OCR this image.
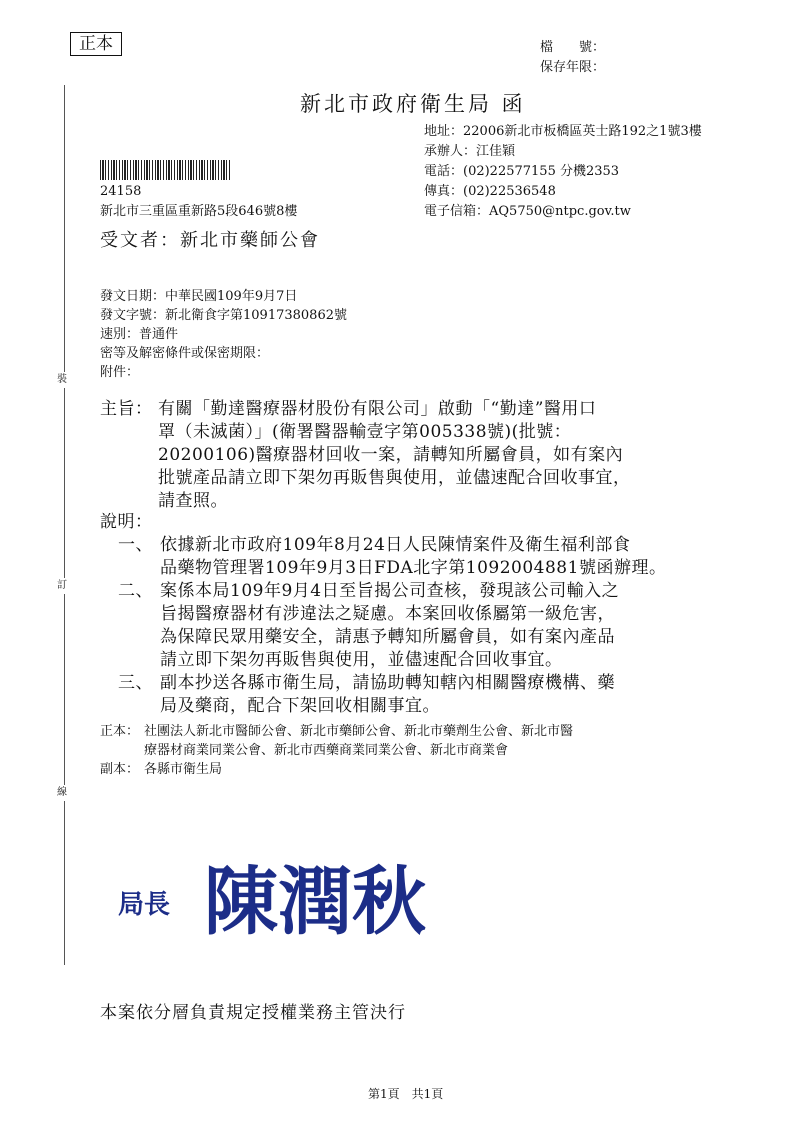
正本
裝
訂
線
檔　　號：
保存年限：
新北市政府衛生局 函
地址：22006新北市板橋區英士路192之1號3樓
承辦人：江佳穎
電話：(02)22577155 分機2353
傳真：(02)22536548
電子信箱：AQ5750@ntpc.gov.tw
24158
新北市三重區重新路5段646號8樓
受文者：新北市藥師公會
發文日期：中華民國109年9月7日
發文字號：新北衛食字第10917380862號
速別：普通件
密等及解密條件或保密期限：
附件：
主旨： 有關「勤達醫療器材股份有限公司」啟動「“勤達”醫用口
罩（未滅菌）」(衛署醫器輸壹字第005338號)(批號：
20200106)醫療器材回收一案，請轉知所屬會員，如有案內
批號產品請立即下架勿再販售與使用，並儘速配合回收事宜，
請查照。
說明：
一、 依據新北市政府109年8月24日人民陳情案件及衛生福利部食
品藥物管理署109年9月3日FDA北字第1092004881號函辦理。
二、 案係本局109年9月4日至旨揭公司查核，發現該公司輸入之
旨揭醫療器材有涉違法之疑慮。本案回收係屬第一級危害，
為保障民眾用藥安全，請惠予轉知所屬會員，如有案內產品
請立即下架勿再販售與使用，並儘速配合回收事宜。
三、 副本抄送各縣市衛生局，請協助轉知轄內相關醫療機構、藥
局及藥商，配合下架回收相關事宜。
正本： 社團法人新北市醫師公會、新北市藥師公會、新北市藥劑生公會、新北市醫
療器材商業同業公會、新北市西藥商業同業公會、新北市商業會
副本： 各縣市衛生局
局長 陳潤秋
本案依分層負責規定授權業務主管決行
第1頁　共1頁
